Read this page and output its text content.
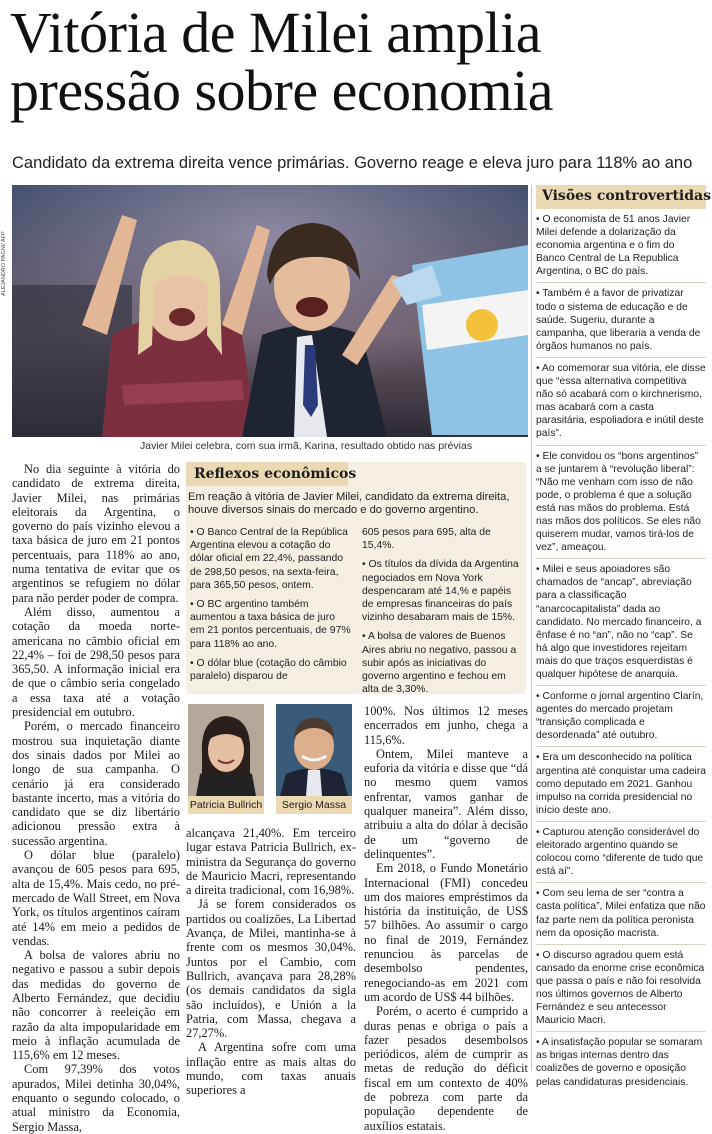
Vitória de Milei amplia
pressão sobre economia
Candidato da extrema direita vence primárias. Governo reage e eleva juro para 118% ao ano
ALEJANDRO PAGNI/ AFP
Javier Milei celebra, com sua irmã, Karina, resultado obtido nas prévias

No dia seguinte à vitória do candidato de extrema direita, Javier Milei, nas primárias eleitorais da Argentina, o governo do país vizinho elevou a taxa básica de juro em 21 pontos percentuais, para 118% ao ano, numa tentativa de evitar que os argentinos se refugiem no dólar para não perder poder de compra.

Além disso, aumentou a cotação da moeda norte-americana no câmbio oficial em 22,4% – foi de 298,50 pesos para 365,50. A informação inicial era de que o câmbio seria congelado a essa taxa até a votação presidencial em outubro.

Porém, o mercado financeiro mostrou sua inquietação diante dos sinais dados por Milei ao longo de sua campanha. O cenário já era considerado bastante incerto, mas a vitória do candidato que se diz libertário adicionou pressão extra à sucessão argentina.

O dólar blue (paralelo) avançou de 605 pesos para 695, alta de 15,4%. Mais cedo, no pré-mercado de Wall Street, em Nova York, os títulos argentinos caíram até 14% em meio a pedidos de vendas.

A bolsa de valores abriu no negativo e passou a subir depois das medidas do governo de Alberto Fernández, que decidiu não concorrer à reeleição em razão da alta impopularidade em meio à inflação acumulada de 115,6% em 12 meses.

Com 97,39% dos votos apurados, Milei detinha 30,04%, enquanto o segundo colocado, o atual ministro da Economia, Sergio Massa,

Reflexos econômicos
Em reação à vitória de Javier Milei, candidato da extrema direita, houve diversos sinais do mercado e do governo argentino.
• O Banco Central de la República Argentina elevou a cotação do dólar oficial em 22,4%, passando de 298,50 pesos, na sexta-feira, para 365,50 pesos, ontem.
• O BC argentino também aumentou a taxa básica de juro em 21 pontos percentuais, de 97% para 118% ao ano.
• O dólar blue (cotação do câmbio paralelo) disparou de
605 pesos para 695, alta de 15,4%.
• Os títulos da dívida da Argentina negociados em Nova York despencaram até 14,% e papéis de empresas financeiras do país vizinho desabaram mais de 15%.
• A bolsa de valores de Buenos Aires abriu no negativo, passou a subir após as iniciativas do governo argentino e fechou em alta de 3,30%.
Patricia Bullrich	Sergio Massa

alcançava 21,40%. Em terceiro lugar estava Patricia Bullrich, ex-ministra da Segurança do governo de Mauricio Macri, representando a direita tradicional, com 16,98%.

Já se forem considerados os partidos ou coalizões, La Libertad Avança, de Milei, mantinha-se à frente com os mesmos 30,04%. Juntos por el Cambio, com Bullrich, avançava para 28,28% (os demais candidatos da sigla são incluídos), e Unión a la Patria, com Massa, chegava a 27,27%.

A Argentina sofre com uma inflação entre as mais altas do mundo, com taxas anuais superiores a

100%. Nos últimos 12 meses encerrados em junho, chega a 115,6%.

Ontem, Milei manteve a euforia da vitória e disse que “dá no mesmo quem vamos enfrentar, vamos ganhar de qualquer maneira”. Além disso, atribuiu a alta do dólar à decisão de um “governo de delinquentes”.

Em 2018, o Fundo Monetário Internacional (FMI) concedeu um dos maiores empréstimos da história da instituição, de US$ 57 bilhões. Ao assumir o cargo no final de 2019, Fernández renunciou às parcelas de desembolso pendentes, renegociando-as em 2021 com um acordo de US$ 44 bilhões.

Porém, o acerto é cumprido a duras penas e obriga o país a fazer pesados desembolsos periódicos, além de cumprir as metas de redução do déficit fiscal em um contexto de 40% de pobreza com parte da população dependente de auxílios estatais.

Visões controvertidas
• O economista de 51 anos Javier Milei defende a dolarização da economia argentina e o fim do Banco Central de La Republica Argentina, o BC do país.
• Também é a favor de privatizar todo o sistema de educação e de saúde. Sugeriu, durante a campanha, que liberaria a venda de órgãos humanos no país.
• Ao comemorar sua vitória, ele disse que “essa alternativa competitiva não só acabará com o kirchnerismo, mas acabará com a casta parasitária, espoliadora e inútil deste país”.
• Ele convidou os “bons argentinos” a se juntarem à “revolução liberal”: “Não me venham com isso de não pode, o problema é que a solução está nas mãos do problema. Está nas mãos dos políticos. Se eles não quiserem mudar, vamos tirá-los de vez”, ameaçou.
• Milei e seus apoiadores são chamados de “ancap”, abreviação para a classificação “anarcocapitalista” dada ao candidato. No mercado financeiro, a ênfase é no “an”, não no “cap”. Se há algo que investidores rejeitam mais do que traços esquerdistas é qualquer hipótese de anarquia.
• Conforme o jornal argentino Clarín, agentes do mercado projetam “transição complicada e desordenada” até outubro.
• Era um desconhecido na política argentina até conquistar uma cadeira como deputado em 2021. Ganhou impulso na corrida presidencial no início deste ano.
• Capturou atenção considerável do eleitorado argentino quando se colocou como “diferente de tudo que está aí”.
• Com seu lema de ser “contra a casta política”, Milei enfatiza que não faz parte nem da política peronista nem da oposição macrista.
• O discurso agradou quem está cansado da enorme crise econômica que passa o país e não foi resolvida nos últimos governos de Alberto Fernández e seu antecessor Mauricio Macri.
• A insatisfação popular se somaram as brigas internas dentro das coalizões de governo e oposição pelas candidaturas presidenciais.
